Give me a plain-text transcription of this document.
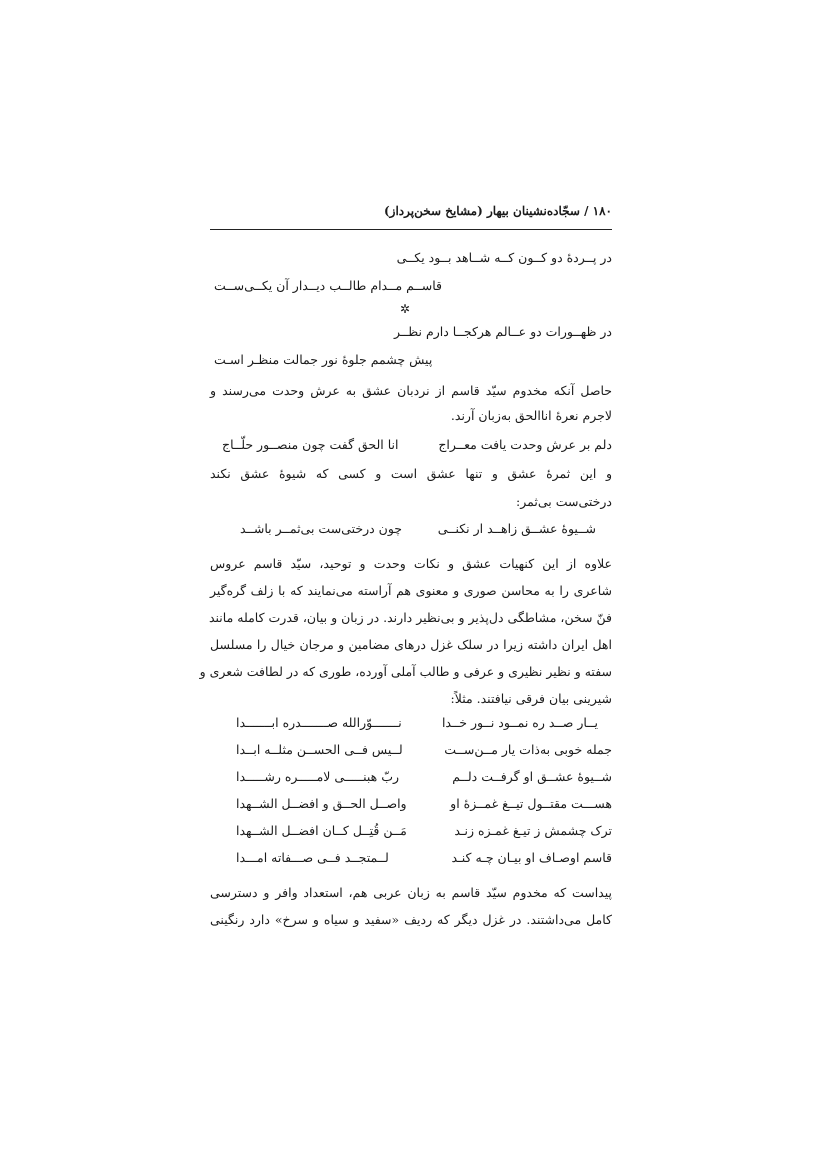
۱۸۰ / سجّاده‌نشینان بیهار (مشایخ سخن‌پرداز)
در پــردهٔ دو کــون کــه شــاهد بــود یکــی
قاســم مــدام طالــب دیــدار آن یکــی‌ســت
✲
در ظهــورات دو عــالم هرکجــا دارم نظــر
پیش چشمم جلوهٔ نور جمالت منظـر اسـت
حاصل آنکه مخدوم سیّد قاسم از نردبان عشق به عرش وحدت می‌رسند و
لاجرم نعرهٔ اناالحق به‌زبان آرند.
دلم بر عرش وحدت یافت معــراج
انا الحق گفت چون منصــور حلّــاج
و این ثمرهٔ عشق و تنها عشق است و کسی که شیوهٔ عشق نکند
درختی‌ست بی‌ثمر:
شــیوهٔ عشــق زاهــد ار نکنــی
چون درختی‌ست بی‌ثمــر باشــد
علاوه از این کنهیات عشق و نکات وحدت و توحید، سیّد قاسم عروس
شاعری را به محاسن صوری و معنوی هم آراسته می‌نمایند که با زلف گره‌گیر
فنّ سخن، مشاطگی دل‌پذیر و بی‌نظیر دارند. در زبان و بیان، قدرت کامله مانند
اهل ایران داشته زیرا در سلک غزل درهای مضامین و مرجان خیال را مسلسل
سفته و نظیر نظیری و عرفی و طالب آملی آورده، طوری که در لطافت شعری و
شیرینی بیان فرقی نیافتند. مثلاً:
یــار صــد ره نمــود نــور خــدا
نـــــــوّرالله صـــــــدره ابـــــــدا
جمله خوبی به‌ذات یار مــن‌ســت
لــیس فــی الحســن مثلــه ابــدا
شــیوهٔ عشــق او گرفــت دلــم
ربّ هبنـــــی لامـــــره رشـــــدا
هســـت مقتــول تیــغ غمــزهٔ او
واصــل الحــق و افضــل الشــهدا
ترک چشمش ز تیـغ غمـزه زنـد
مَــن قُتِــل کــان افضــل الشــهدا
قاسم اوصـاف او بیـان چـه کنـد
لــمتجــد فــی صـــفاته امـــدا
پیداست که مخدوم سیّد قاسم به زبان عربی هم، استعداد وافر و دسترسی
کامل می‌داشتند. در غزل دیگر که ردیف «سفید و سیاه و سرخ» دارد رنگینی
